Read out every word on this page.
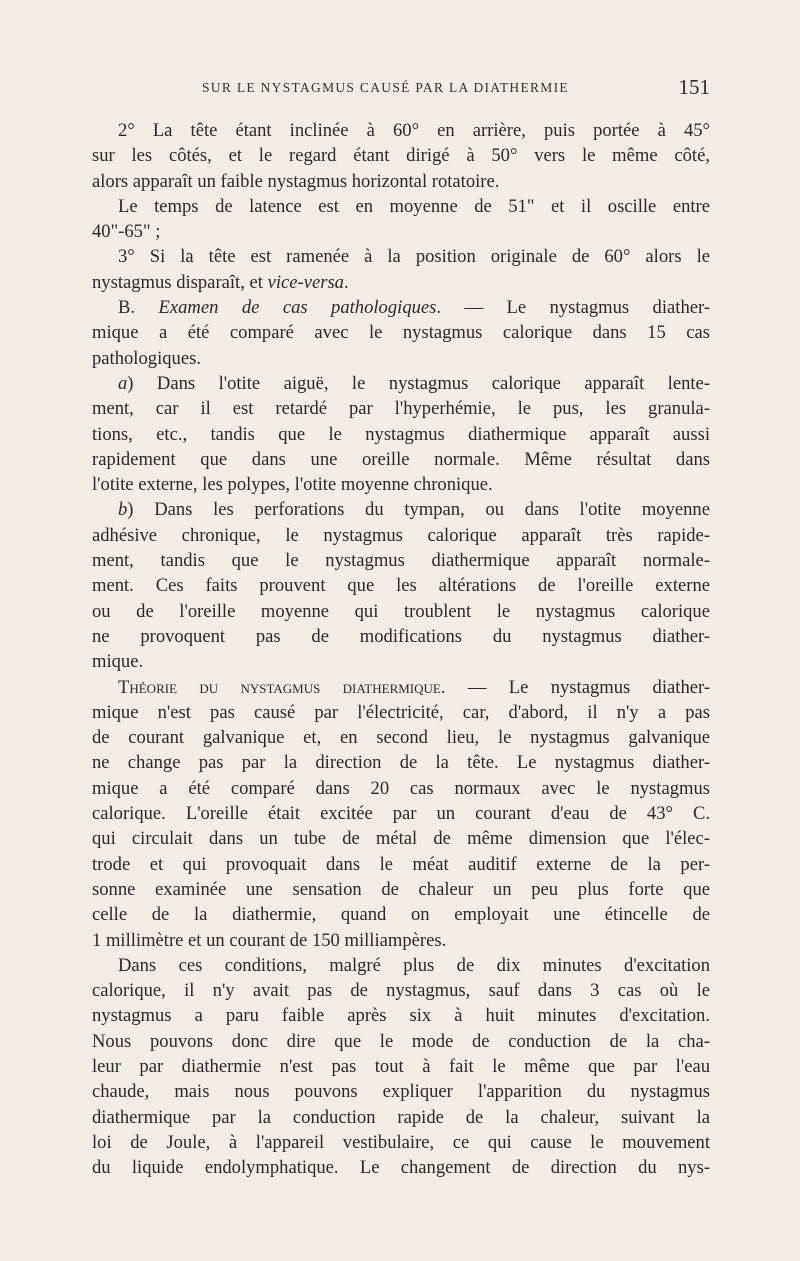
SUR LE NYSTAGMUS CAUSÉ PAR LA DIATHERMIE	151
2° La tête étant inclinée à 60° en arrière, puis portée à 45°
sur les côtés, et le regard étant dirigé à 50° vers le même côté,
alors apparaît un faible nystagmus horizontal rotatoire.
Le temps de latence est en moyenne de 51" et il oscille entre
40"-65" ;
3° Si la tête est ramenée à la position originale de 60° alors le
nystagmus disparaît, et vice-versa.
B. Examen de cas pathologiques. — Le nystagmus diather-
mique a été comparé avec le nystagmus calorique dans 15 cas
pathologiques.
a) Dans l'otite aiguë, le nystagmus calorique apparaît lente-
ment, car il est retardé par l'hyperhémie, le pus, les granula-
tions, etc., tandis que le nystagmus diathermique apparaît aussi
rapidement que dans une oreille normale. Même résultat dans
l'otite externe, les polypes, l'otite moyenne chronique.
b) Dans les perforations du tympan, ou dans l'otite moyenne
adhésive chronique, le nystagmus calorique apparaît très rapide-
ment, tandis que le nystagmus diathermique apparaît normale-
ment. Ces faits prouvent que les altérations de l'oreille externe
ou de l'oreille moyenne qui troublent le nystagmus calorique
ne provoquent pas de modifications du nystagmus diather-
mique.
Théorie du nystagmus diathermique. — Le nystagmus diather-
mique n'est pas causé par l'électricité, car, d'abord, il n'y a pas
de courant galvanique et, en second lieu, le nystagmus galvanique
ne change pas par la direction de la tête. Le nystagmus diather-
mique a été comparé dans 20 cas normaux avec le nystagmus
calorique. L'oreille était excitée par un courant d'eau de 43° C.
qui circulait dans un tube de métal de même dimension que l'élec-
trode et qui provoquait dans le méat auditif externe de la per-
sonne examinée une sensation de chaleur un peu plus forte que
celle de la diathermie, quand on employait une étincelle de
1 millimètre et un courant de 150 milliampères.
Dans ces conditions, malgré plus de dix minutes d'excitation
calorique, il n'y avait pas de nystagmus, sauf dans 3 cas où le
nystagmus a paru faible après six à huit minutes d'excitation.
Nous pouvons donc dire que le mode de conduction de la cha-
leur par diathermie n'est pas tout à fait le même que par l'eau
chaude, mais nous pouvons expliquer l'apparition du nystagmus
diathermique par la conduction rapide de la chaleur, suivant la
loi de Joule, à l'appareil vestibulaire, ce qui cause le mouvement
du liquide endolymphatique. Le changement de direction du nys-
